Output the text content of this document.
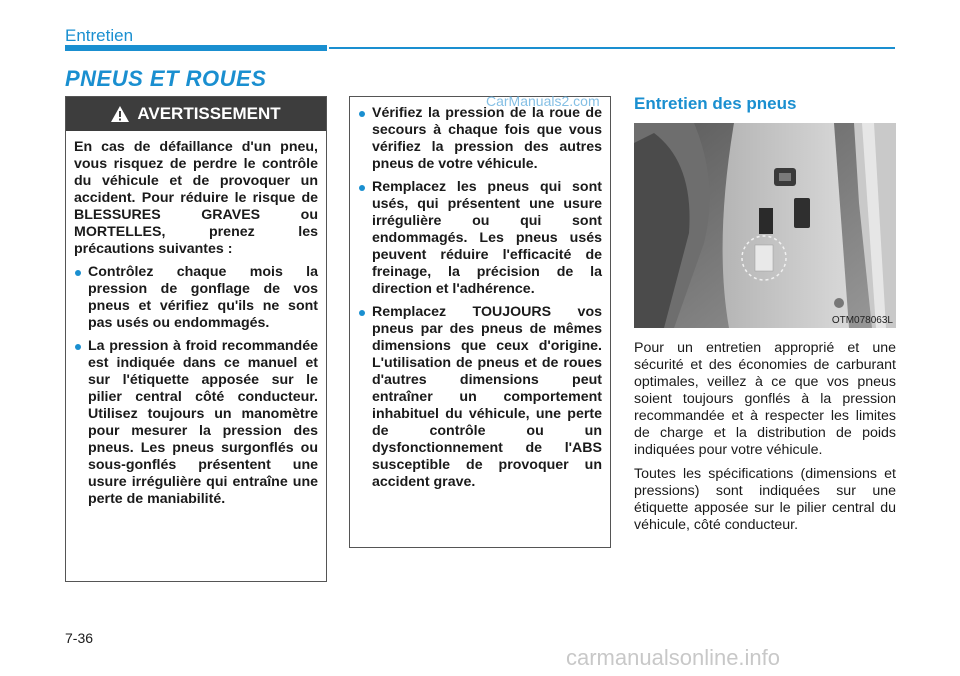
Entretien
PNEUS ET ROUES
AVERTISSEMENT

En cas de défaillance d'un pneu, vous risquez de perdre le contrôle du véhicule et de provoquer un accident. Pour réduire le risque de BLESSURES GRAVES ou MORTELLES, prenez les précautions suivantes :

Contrôlez chaque mois la pression de gonflage de vos pneus et vérifiez qu'ils ne sont pas usés ou endommagés.
La pression à froid recommandée est indiquée dans ce manuel et sur l'étiquette apposée sur le pilier central côté conducteur. Utilisez toujours un manomètre pour mesurer la pression des pneus. Les pneus surgonflés ou sous-gonflés présentent une usure irrégulière qui entraîne une perte de maniabilité.
Vérifiez la pression de la roue de secours à chaque fois que vous vérifiez la pression des autres pneus de votre véhicule.
Remplacez les pneus qui sont usés, qui présentent une usure irrégulière ou qui sont endommagés. Les pneus usés peuvent réduire l'efficacité de freinage, la précision de la direction et l'adhérence.
Remplacez TOUJOURS vos pneus par des pneus de mêmes dimensions que ceux d'origine. L'utilisation de pneus et de roues d'autres dimensions peut entraîner un comportement inhabituel du véhicule, une perte de contrôle ou un dysfonctionnement de l'ABS susceptible de provoquer un accident grave.
CarManuals2.com Entretien des pneus
OTM078063L

Pour un entretien approprié et une sécurité et des économies de carburant optimales, veillez à ce que vos pneus soient toujours gonflés à la pression recommandée et à respecter les limites de charge et la distribution de poids indiquées pour votre véhicule.

Toutes les spécifications (dimensions et pressions) sont indiquées sur une étiquette apposée sur le pilier central du véhicule, côté conducteur.

7-36
carmanualsonline.info
